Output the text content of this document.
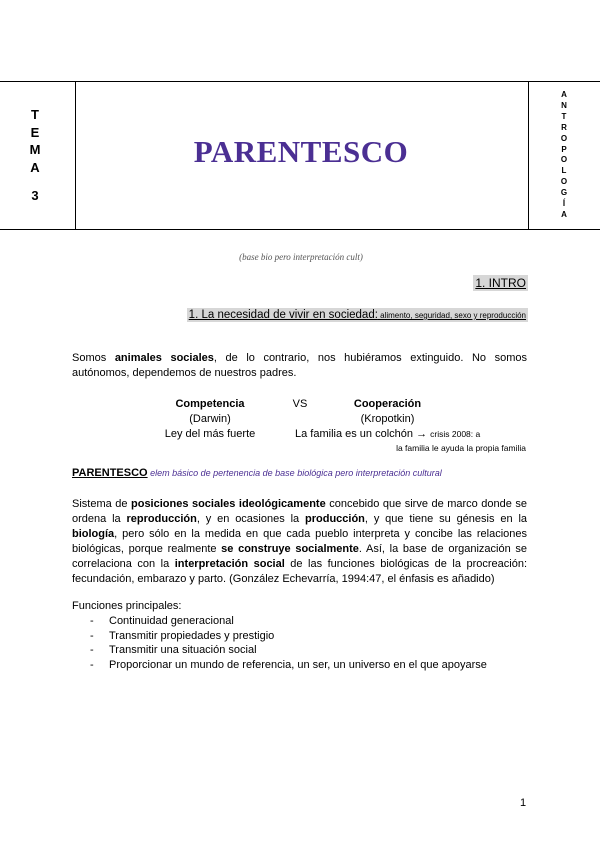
T
E
M
A
3
PARENTESCO
(base bio pero interpretación cult)
A
N
T
R
O
P
O
L
O
G
Í
A
1. INTRO
1. La necesidad de vivir en sociedad: alimento, seguridad, sexo y reproducción
Somos animales sociales, de lo contrario, nos hubiéramos extinguido. No somos autónomos, dependemos de nuestros padres.
Competencia
(Darwin)
Ley del más fuerte
VS	Cooperación
(Kropotkin)
La familia es un colchón → crisis 2008: a
la familia le ayuda la propia familia
PARENTESCO elem básico de pertenencia de base biológica pero interpretación cultural
Sistema de posiciones sociales ideológicamente concebido que sirve de marco donde se ordena la reproducción, y en ocasiones la producción, y que tiene su génesis en la biología, pero sólo en la medida en que cada pueblo interpreta y concibe las relaciones biológicas, porque realmente se construye socialmente. Así, la base de organización se correlaciona con la interpretación social de las funciones biológicas de la procreación: fecundación, embarazo y parto. (González Echevarría, 1994:47, el énfasis es añadido)
Funciones principales:
- Continuidad generacional
- Transmitir propiedades y prestigio
- Transmitir una situación social
- Proporcionar un mundo de referencia, un ser, un universo en el que apoyarse
1
